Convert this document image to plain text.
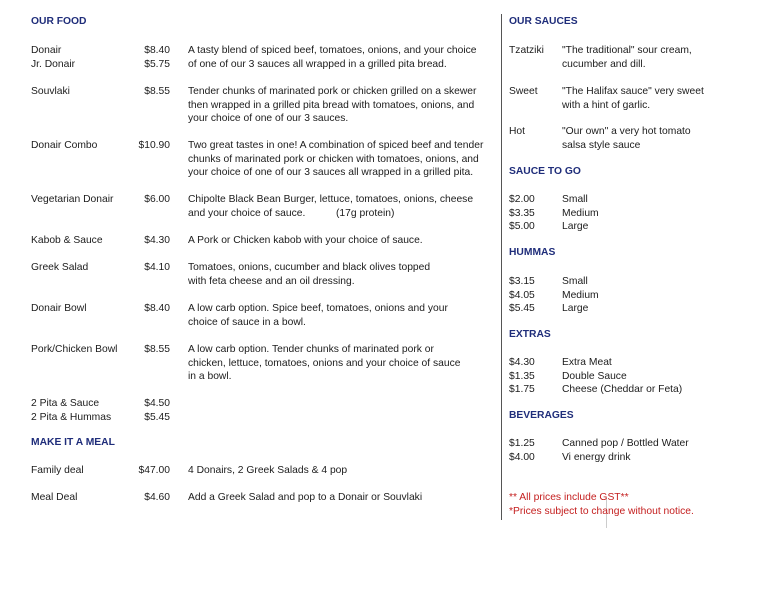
OUR FOOD
Donair	$8.40 A tasty blend of spiced beef, tomatoes, onions, and your choice
of one of our 3 sauces all wrapped in a grilled pita bread.
Jr. Donair	$5.75
Souvlaki	$8.55 Tender chunks of marinated pork or chicken grilled on a skewer
then wrapped in a grilled pita bread with tomatoes, onions, and
your choice of one of our 3 sauces.
Donair Combo	$10.90 Two great tastes in one! A combination of spiced beef and tender
chunks of marinated pork or chicken with tomatoes, onions, and
your choice of one of our 3 sauces all wrapped in a grilled pita.
Vegetarian Donair	$6.00 Chipolte Black Bean Burger, lettuce, tomatoes, onions, cheese
and your choice of sauce.	(17g protein)
Kabob & Sauce	$4.30 A Pork or Chicken kabob with your choice of sauce.
Greek Salad	$4.10 Tomatoes, onions, cucumber and black olives topped
with feta cheese and an oil dressing.
Donair Bowl	$8.40 A low carb option. Spice beef, tomatoes, onions and your
choice of sauce in a bowl.
Pork/Chicken Bowl	$8.55 A low carb option. Tender chunks of marinated pork or
chicken, lettuce, tomatoes, onions and your choice of sauce
in a bowl.
2 Pita & Sauce	$4.50
2 Pita & Hummas	$5.45
MAKE IT A MEAL
Family deal	$47.00 4 Donairs, 2 Greek Salads & 4 pop
Meal Deal	$4.60 Add a Greek Salad and pop to a Donair or Souvlaki
OUR SAUCES
Tzatziki "The traditional" sour cream,
cucumber and dill.
Sweet "The Halifax sauce" very sweet
with a hint of garlic.
Hot	"Our own" a very hot tomato
salsa style sauce
SAUCE TO GO
$2.00	Small
$3.35	Medium
$5.00	Large
HUMMAS
$3.15	Small
$4.05	Medium
$5.45	Large
EXTRAS
$4.30	Extra Meat
$1.35	Double Sauce
$1.75	Cheese (Cheddar or Feta)
BEVERAGES
$1.25	Canned pop / Bottled Water
$4.00	Vi energy drink
** All prices include GST**
*Prices subject to change without notice.
